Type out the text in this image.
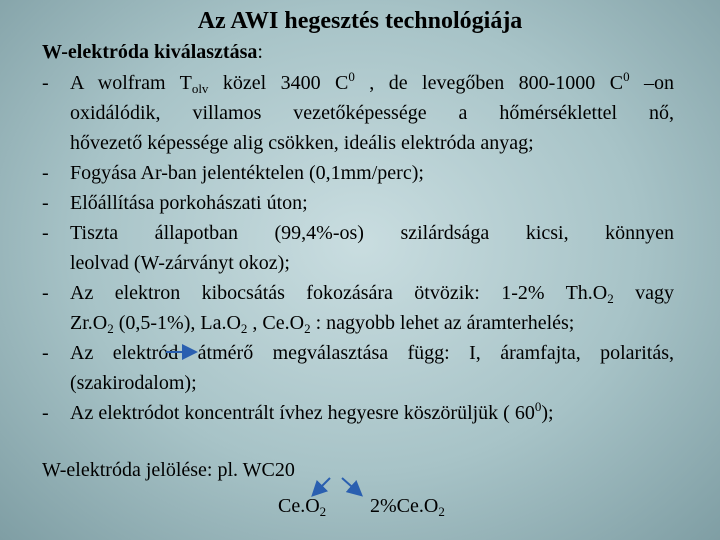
Az AWI hegesztés technológiája
W-elektróda kiválasztása:
-	A wolfram $T_{olv}$ közel 3400 $C^0$ , de levegőben 800-1000 $C^0$ –on
oxidálódik, villamos vezetőképessége a hőmérséklettel nő,
hővezető képessége alig csökken, ideális elektróda anyag;
-	Fogyása Ar-ban jelentéktelen (0,1mm/perc);
-	Előállítása porkohászati úton;
-	Tiszta állapotban (99,4%-os) szilárdsága kicsi, könnyen
leolvad (W-zárványt okoz);
-	Az elektron kibocsátás fokozására ötvözik: 1-2% $Th.O_2$ vagy
$Zr.O_2$ (0,5-1%), $La.O_2$ , $Ce.O_2$ : nagyobb lehet az áramterhelés;
-	Az elektród átmérő megválasztása függ: I, áramfajta, polaritás,
(szakirodalom);
-	Az elektródot koncentrált ívhez hegyesre köszörüljük ( $60^0$);
W-elektróda jelölése: pl. WC20
$Ce.O_2$ $2\%Ce.O_2$
